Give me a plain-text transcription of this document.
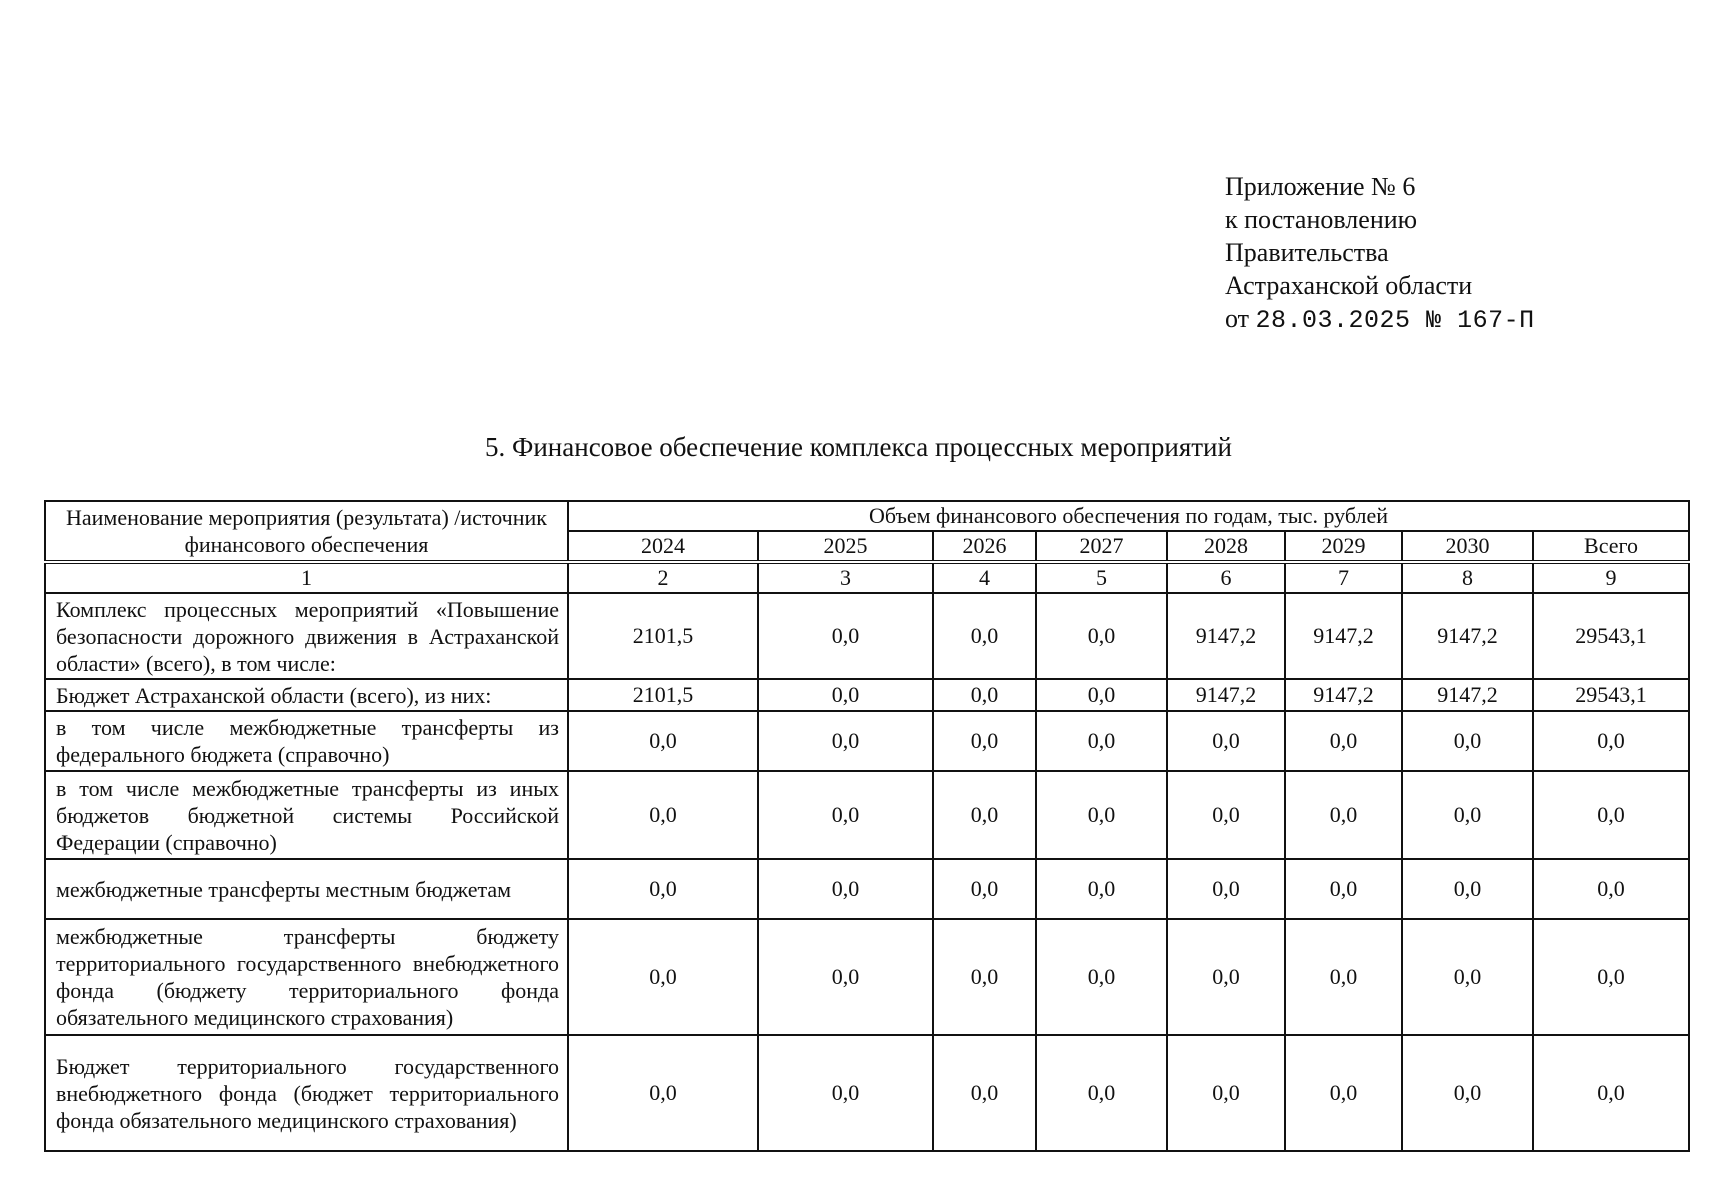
Приложение № 6
к постановлению
Правительства
Астраханской области
от 28.03.2025 № 167-П
5. Финансовое обеспечение комплекса процессных мероприятий
Наименование мероприятия (результата) /источник финансового обеспечения	Объем финансового обеспечения по годам, тыс. рублей							
	2024	2025	2026	2027	2028	2029	2030	Всего
1	2	3	4	5	6	7	8	9
Комплекс процессных мероприятий «Повышение безопасности дорожного движения в Астраханской области» (всего), в том числе:	2101,5	0,0	0,0	0,0	9147,2	9147,2	9147,2	29543,1
Бюджет Астраханской области (всего), из них:	2101,5	0,0	0,0	0,0	9147,2	9147,2	9147,2	29543,1
в том числе межбюджетные трансферты из федерального бюджета (справочно)	0,0	0,0	0,0	0,0	0,0	0,0	0,0	0,0
в том числе межбюджетные трансферты из иных бюджетов бюджетной системы Российской Федерации (справочно)	0,0	0,0	0,0	0,0	0,0	0,0	0,0	0,0
межбюджетные трансферты местным бюджетам	0,0	0,0	0,0	0,0	0,0	0,0	0,0	0,0
межбюджетные трансферты бюджету территориального государственного внебюджетного фонда (бюджету территориального фонда обязательного медицинского страхования)	0,0	0,0	0,0	0,0	0,0	0,0	0,0	0,0
Бюджет территориального государственного внебюджетного фонда (бюджет территориального фонда обязательного медицинского страхования)	0,0	0,0	0,0	0,0	0,0	0,0	0,0	0,0
